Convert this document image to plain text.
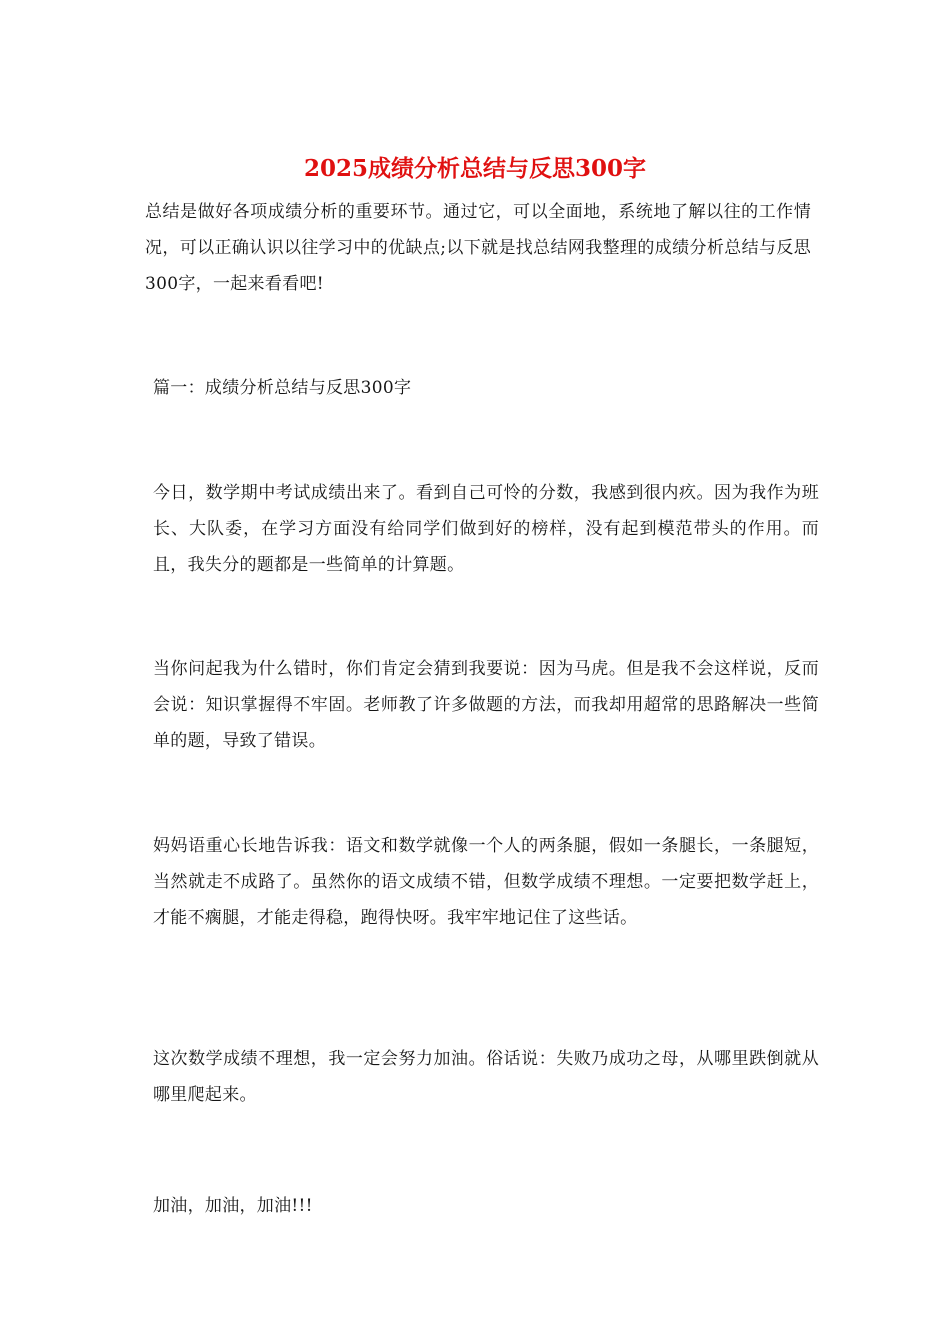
2025成绩分析总结与反思300字

总结是做好各项成绩分析的重要环节。通过它，可以全面地，系统地了解以往的工作情况，可以正确认识以往学习中的优缺点;以下就是找总结网我整理的成绩分析总结与反思300字，一起来看看吧!

篇一：成绩分析总结与反思300字

今日，数学期中考试成绩出来了。看到自己可怜的分数，我感到很内疚。因为我作为班长、大队委，在学习方面没有给同学们做到好的榜样，没有起到模范带头的作用。而且，我失分的题都是一些简单的计算题。

当你问起我为什么错时，你们肯定会猜到我要说：因为马虎。但是我不会这样说，反而会说：知识掌握得不牢固。老师教了许多做题的方法，而我却用超常的思路解决一些简单的题，导致了错误。

妈妈语重心长地告诉我：语文和数学就像一个人的两条腿，假如一条腿长，一条腿短，当然就走不成路了。虽然你的语文成绩不错，但数学成绩不理想。一定要把数学赶上，才能不瘸腿，才能走得稳，跑得快呀。我牢牢地记住了这些话。

这次数学成绩不理想，我一定会努力加油。俗话说：失败乃成功之母，从哪里跌倒就从哪里爬起来。

加油，加油，加油!!!
